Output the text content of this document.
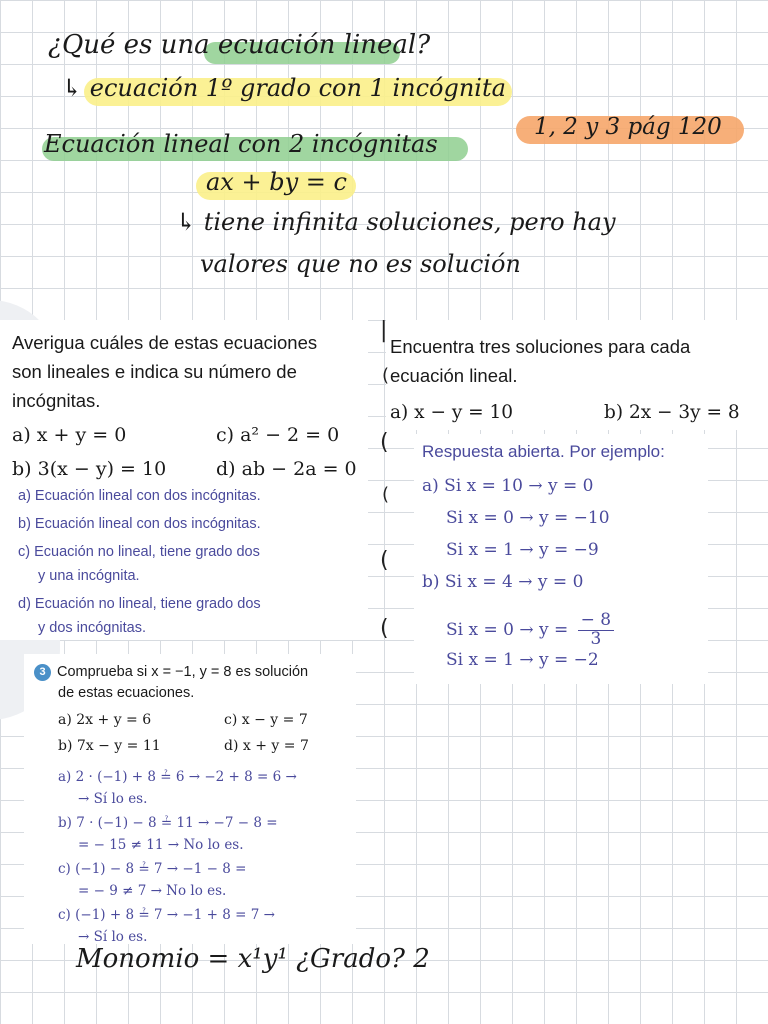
¿Qué es una ecuación lineal?
↳ ecuación 1º grado con 1 incógnita
Ecuación lineal con 2 incógnitas
1, 2 y 3 pág 120
ax + by = c
↳ tiene infinita soluciones, pero hay
valores que no es solución
Averigua cuáles de estas ecuaciones
son lineales e indica su número de
incógnitas.
a) x + y = 0	c) a² − 2 = 0
b) 3(x − y) = 10	d) ab − 2a = 0
a) Ecuación lineal con dos incógnitas.
b) Ecuación lineal con dos incógnitas.
c) Ecuación no lineal, tiene grado dos
y una incógnita.
d) Ecuación no lineal, tiene grado dos
y dos incógnitas.
Encuentra tres soluciones para cada
ecuación lineal.
a) x − y = 10	b) 2x − 3y = 8
Respuesta abierta. Por ejemplo:
a) Si x = 10 → y = 0
Si x = 0 → y = −10
Si x = 1 → y = −9
b) Si x = 4 → y = 0
Si $x = 0 \to y = \frac{- 8}{3}$
Si x = 1 → y = −2
|
(
(
(
(
(
3 Comprueba si x = −1, y = 8 es solución
de estas ecuaciones.
a) 2x + y = 6	c) x − y = 7
b) 7x − y = 11	d) x + y = 7
a) 2 · (−1) + 8 ≟ 6 → −2 + 8 = 6 →
→ Sí lo es.
b) 7 · (−1) − 8 ≟ 11 → −7 − 8 =
= − 15 ≠ 11 → No lo es.
c) (−1) − 8 ≟ 7 → −1 − 8 =
= − 9 ≠ 7 → No lo es.
c) (−1) + 8 ≟ 7 → −1 + 8 = 7 →
→ Sí lo es.
Monomio = x¹y¹ ¿Grado? 2
